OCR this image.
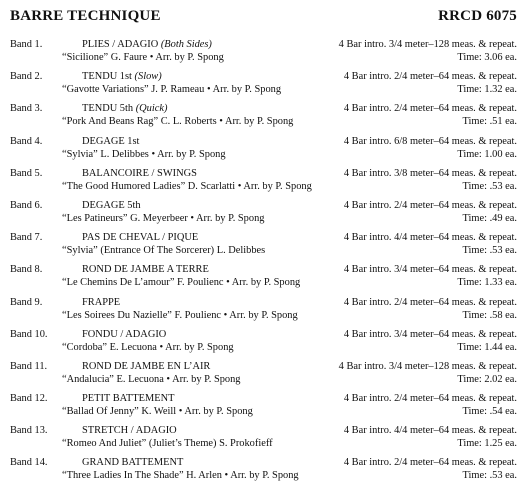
BARRE TECHNIQUE	RRCD 6075
Band 1.	PLIES / ADAGIO (Both Sides)
“Sicilione” G. Faure • Arr. by P. Spong
4 Bar intro. 3/4 meter–128 meas. & repeat.
Time: 3.06 ea.
Band 2.	TENDU 1st (Slow)
“Gavotte Variations” J. P. Rameau • Arr. by P. Spong
4 Bar intro. 2/4 meter–64 meas. & repeat.
Time: 1.32 ea.
Band 3.	TENDU 5th (Quick)
“Pork And Beans Rag” C. L. Roberts • Arr. by P. Spong
4 Bar intro. 2/4 meter–64 meas. & repeat.
Time: .51 ea.
Band 4.	DEGAGE 1st
“Sylvia” L. Delibbes • Arr. by P. Spong
4 Bar intro. 6/8 meter–64 meas. & repeat.
Time: 1.00 ea.
Band 5.	BALANCOIRE / SWINGS
“The Good Humored Ladies” D. Scarlatti • Arr. by P. Spong
4 Bar intro. 3/8 meter–64 meas. & repeat.
Time: .53 ea.
Band 6.	DEGAGE 5th
“Les Patineurs” G. Meyerbeer • Arr. by P. Spong
4 Bar intro. 2/4 meter–64 meas. & repeat.
Time: .49 ea.
Band 7.	PAS DE CHEVAL / PIQUE
“Sylvia” (Entrance Of The Sorcerer) L. Delibbes
4 Bar intro. 4/4 meter–64 meas. & repeat.
Time: .53 ea.
Band 8.	ROND DE JAMBE A TERRE
“Le Chemins De L’amour” F. Poulienc • Arr. by P. Spong
4 Bar intro. 3/4 meter–64 meas. & repeat.
Time: 1.33 ea.
Band 9.	FRAPPE
“Les Soirees Du Nazielle” F. Poulienc • Arr. by P. Spong
4 Bar intro. 2/4 meter–64 meas. & repeat.
Time: .58 ea.
Band 10.	FONDU / ADAGIO
“Cordoba” E. Lecuona • Arr. by P. Spong
4 Bar intro. 3/4 meter–64 meas. & repeat.
Time: 1.44 ea.
Band 11.	ROND DE JAMBE EN L’AIR
“Andalucia” E. Lecuona • Arr. by P. Spong
4 Bar intro. 3/4 meter–128 meas. & repeat.
Time: 2.02 ea.
Band 12.	PETIT BATTEMENT
“Ballad Of Jenny” K. Weill • Arr. by P. Spong
4 Bar intro. 2/4 meter–64 meas. & repeat.
Time: .54 ea.
Band 13.	STRETCH / ADAGIO
“Romeo And Juliet” (Juliet’s Theme) S. Prokofieff
4 Bar intro. 4/4 meter–64 meas. & repeat.
Time: 1.25 ea.
Band 14.	GRAND BATTEMENT
“Three Ladies In The Shade” H. Arlen • Arr. by P. Spong
4 Bar intro. 2/4 meter–64 meas. & repeat.
Time: .53 ea.
